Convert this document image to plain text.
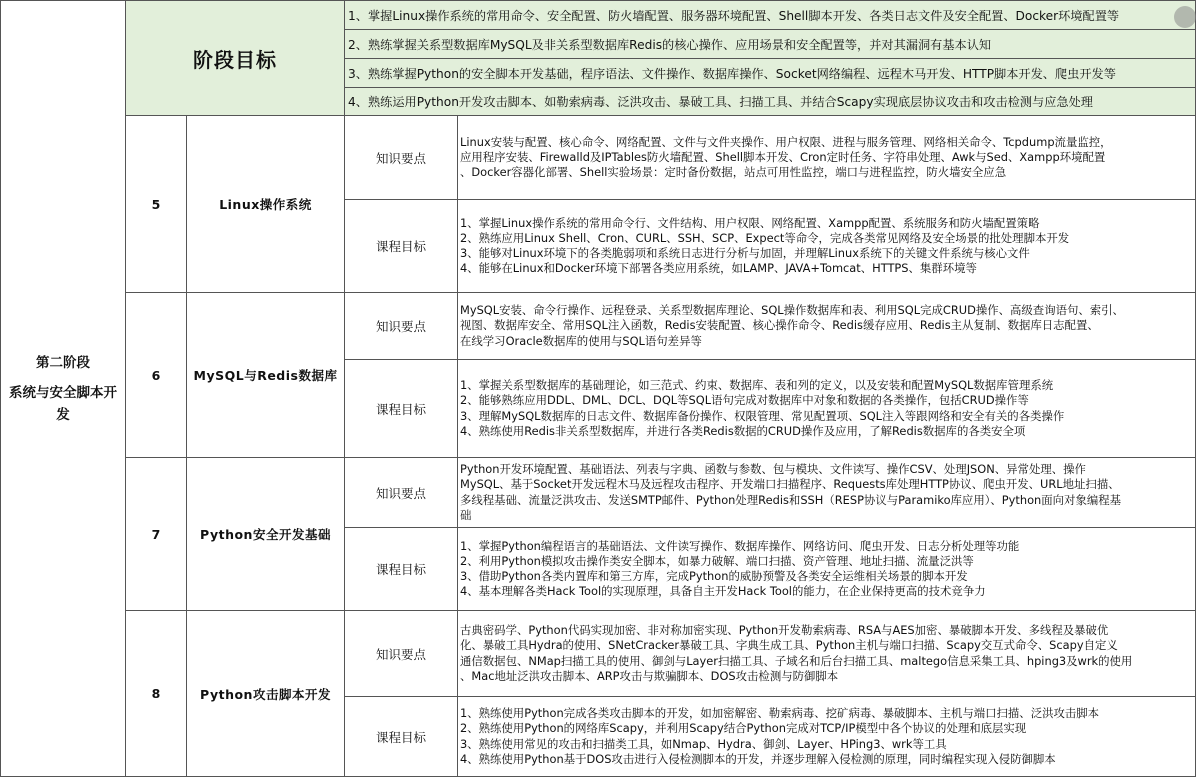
第二阶段
系统与安全脚本开
发
阶段目标
1、掌握Linux操作系统的常用命令、安全配置、防火墙配置、服务器环境配置、Shell脚本开发、各类日志文件及安全配置、Docker环境配置等
2、熟练掌握关系型数据库MySQL及非关系型数据库Redis的核心操作、应用场景和安全配置等，并对其漏洞有基本认知
3、熟练掌握Python的安全脚本开发基础，程序语法、文件操作、数据库操作、Socket网络编程、远程木马开发、HTTP脚本开发、爬虫开发等
4、熟练运用Python开发攻击脚本、如勒索病毒、泛洪攻击、暴破工具、扫描工具、并结合Scapy实现底层协议攻击和攻击检测与应急处理
5	Linux操作系统
知识要点
Linux安装与配置、核心命令、网络配置、文件与文件夹操作、用户权限、进程与服务管理、网络相关命令、Tcpdump流量监控，
应用程序安装、Firewalld及IPTables防火墙配置、Shell脚本开发、Cron定时任务、字符串处理、Awk与Sed、Xampp环境配置
、Docker容器化部署、Shell实验场景：定时备份数据，站点可用性监控，端口与进程监控，防火墙安全应急
课程目标
1、掌握Linux操作系统的常用命令行、文件结构、用户权限、网络配置、Xampp配置、系统服务和防火墙配置策略
2、熟练应用Linux Shell、Cron、CURL、SSH、SCP、Expect等命令，完成各类常见网络及安全场景的批处理脚本开发
3、能够对Linux环境下的各类脆弱项和系统日志进行分析与加固，并理解Linux系统下的关键文件系统与核心文件
4、能够在Linux和Docker环境下部署各类应用系统，如LAMP、JAVA+Tomcat、HTTPS、集群环境等
6	MySQL与Redis数据库
知识要点
MySQL安装、命令行操作、远程登录、关系型数据库理论、SQL操作数据库和表、利用SQL完成CRUD操作、高级查询语句、索引、
视图、数据库安全、常用SQL注入函数，Redis安装配置、核心操作命令、Redis缓存应用、Redis主从复制、数据库日志配置、
在线学习Oracle数据库的使用与SQL语句差异等
课程目标
1、掌握关系型数据库的基础理论，如三范式、约束、数据库、表和列的定义，以及安装和配置MySQL数据库管理系统
2、能够熟练应用DDL、DML、DCL、DQL等SQL语句完成对数据库中对象和数据的各类操作，包括CRUD操作等
3、理解MySQL数据库的日志文件、数据库备份操作、权限管理、常见配置项、SQL注入等跟网络和安全有关的各类操作
4、熟练使用Redis非关系型数据库，并进行各类Redis数据的CRUD操作及应用，了解Redis数据库的各类安全项
7	Python安全开发基础
知识要点
Python开发环境配置、基础语法、列表与字典、函数与参数、包与模块、文件读写、操作CSV、处理JSON、异常处理、操作
MySQL、基于Socket开发远程木马及远程攻击程序、开发端口扫描程序、Requests库处理HTTP协议、爬虫开发、URL地址扫描、
多线程基础、流量泛洪攻击、发送SMTP邮件、Python处理Redis和SSH（RESP协议与Paramiko库应用）、Python面向对象编程基
础
课程目标
1、掌握Python编程语言的基础语法、文件读写操作、数据库操作、网络访问、爬虫开发、日志分析处理等功能
2、利用Python模拟攻击操作类安全脚本，如暴力破解、端口扫描、资产管理、地址扫描、流量泛洪等
3、借助Python各类内置库和第三方库，完成Python的威胁预警及各类安全运维相关场景的脚本开发
4、基本理解各类Hack Tool的实现原理，具备自主开发Hack Tool的能力，在企业保持更高的技术竞争力
8	Python攻击脚本开发
知识要点
古典密码学、Python代码实现加密、非对称加密实现、Python开发勒索病毒、RSA与AES加密、暴破脚本开发、多线程及暴破优
化、暴破工具Hydra的使用、SNetCracker暴破工具、字典生成工具、Python主机与端口扫描、Scapy交互式命令、Scapy自定义
通信数据包、NMap扫描工具的使用、御剑与Layer扫描工具、子域名和后台扫描工具、maltego信息采集工具、hping3及wrk的使用
、Mac地址泛洪攻击脚本、ARP攻击与欺骗脚本、DOS攻击检测与防御脚本
课程目标
1、熟练使用Python完成各类攻击脚本的开发，如加密解密、勒索病毒、挖矿病毒、暴破脚本、主机与端口扫描、泛洪攻击脚本
2、熟练使用Python的网络库Scapy，并利用Scapy结合Python完成对TCP/IP模型中各个协议的处理和底层实现
3、熟练使用常见的攻击和扫描类工具，如Nmap、Hydra、御剑、Layer、HPing3、wrk等工具
4、熟练使用Python基于DOS攻击进行入侵检测脚本的开发，并逐步理解入侵检测的原理，同时编程实现入侵防御脚本
